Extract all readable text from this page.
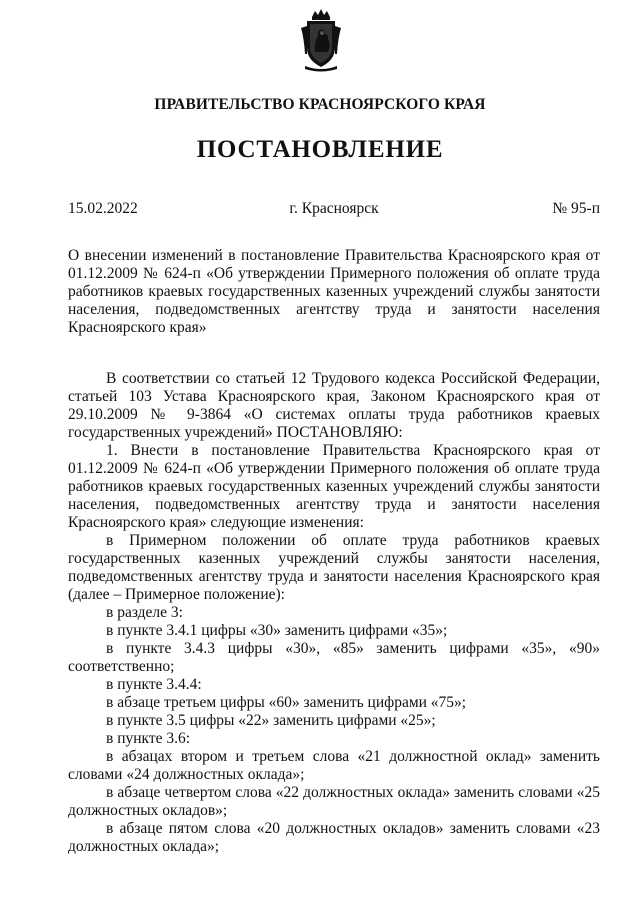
ПРАВИТЕЛЬСТВО КРАСНОЯРСКОГО КРАЯ
ПОСТАНОВЛЕНИЕ
15.02.2022	г. Красноярск	№ 95-п
О внесении изменений в постановление Правительства Красноярского края от 01.12.2009 № 624-п «Об утверждении Примерного положения об оплате труда работников краевых государственных казенных учреждений службы занятости населения, подведомственных агентству труда и занятости населения Красноярского края»

В соответствии со статьей 12 Трудового кодекса Российской Федерации, статьей 103 Устава Красноярского края, Законом Красноярского края от 29.10.2009 № 9-3864 «О системах оплаты труда работников краевых государственных учреждений» ПОСТАНОВЛЯЮ:

1. Внести в постановление Правительства Красноярского края от 01.12.2009 № 624-п «Об утверждении Примерного положения об оплате труда работников краевых государственных казенных учреждений службы занятости населения, подведомственных агентству труда и занятости населения Красноярского края» следующие изменения:

в Примерном положении об оплате труда работников краевых государственных казенных учреждений службы занятости населения, подведомственных агентству труда и занятости населения Красноярского края (далее – Примерное положение):

в разделе 3:

в пункте 3.4.1 цифры «30» заменить цифрами «35»;

в пункте 3.4.3 цифры «30», «85» заменить цифрами «35», «90» соответственно;

в пункте 3.4.4:

в абзаце третьем цифры «60» заменить цифрами «75»;

в пункте 3.5 цифры «22» заменить цифрами «25»;

в пункте 3.6:

в абзацах втором и третьем слова «21 должностной оклад» заменить словами «24 должностных оклада»;

в абзаце четвертом слова «22 должностных оклада» заменить словами «25 должностных окладов»;

в абзаце пятом слова «20 должностных окладов» заменить словами «23 должностных оклада»;
